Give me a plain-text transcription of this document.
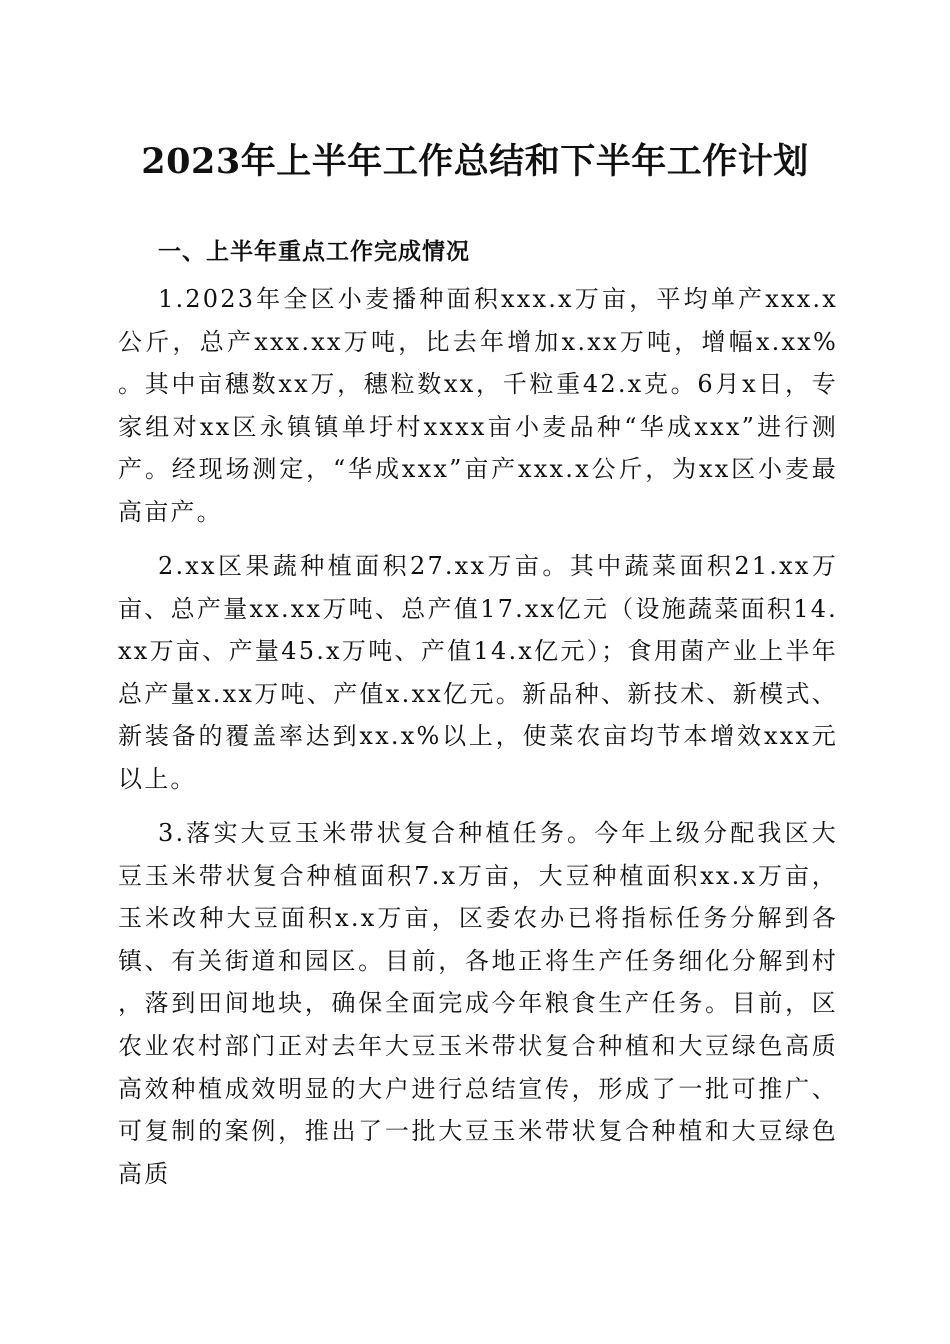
2023年上半年工作总结和下半年工作计划
一、上半年重点工作完成情况

1.2023年全区小麦播种面积xxx.x万亩，平均单产xxx.x公斤，总产xxx.xx万吨，比去年增加x.xx万吨，增幅x.xx%。其中亩穗数xx万，穗粒数xx，千粒重42.x克。6月x日，专家组对xx区永镇镇单圩村xxxx亩小麦品种“华成xxx”进行测产。经现场测定，“华成xxx”亩产xxx.x公斤，为xx区小麦最高亩产。

2.xx区果蔬种植面积27.xx万亩。其中蔬菜面积21.xx万亩、总产量xx.xx万吨、总产值17.xx亿元（设施蔬菜面积14.xx万亩、产量45.x万吨、产值14.x亿元）；食用菌产业上半年总产量x.xx万吨、产值x.xx亿元。新品种、新技术、新模式、新装备的覆盖率达到xx.x%以上，使菜农亩均节本增效xxx元以上。

3.落实大豆玉米带状复合种植任务。今年上级分配我区大豆玉米带状复合种植面积7.x万亩，大豆种植面积xx.x万亩，玉米改种大豆面积x.x万亩，区委农办已将指标任务分解到各镇、有关街道和园区。目前，各地正将生产任务细化分解到村，落到田间地块，确保全面完成今年粮食生产任务。目前，区农业农村部门正对去年大豆玉米带状复合种植和大豆绿色高质高效种植成效明显的大户进行总结宣传，形成了一批可推广、可复制的案例，推出了一批大豆玉米带状复合种植和大豆绿色高质
